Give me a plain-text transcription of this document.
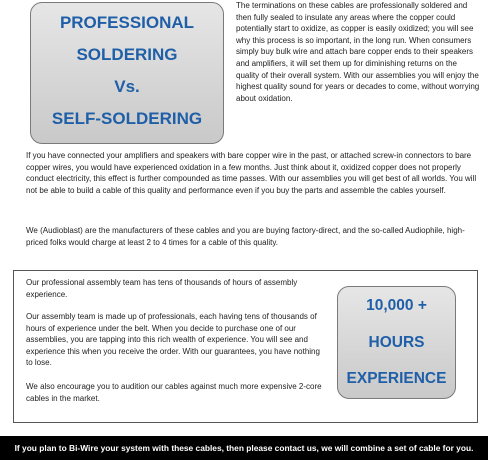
PROFESSIONAL
SOLDERING
Vs.
SELF-SOLDERING

The terminations on these cables are professionally soldered and then fully sealed to insulate any areas where the copper could potentially start to oxidize, as copper is easily oxidized; you will see why this process is so important, in the long run. When consumers simply buy bulk wire and attach bare copper ends to their speakers and amplifiers, it will set them up for diminishing returns on the quality of their overall system. With our assemblies you will enjoy the highest quality sound for years or decades to come, without worrying about oxidation.

If you have connected your amplifiers and speakers with bare copper wire in the past, or attached screw-in connectors to bare copper wires, you would have experienced oxidation in a few months. Just think about it, oxidized copper does not properly conduct electricity, this effect is further compounded as time passes. With our assemblies you will get best of all worlds. You will not be able to build a cable of this quality and performance even if you buy the parts and assemble the cables yourself.

We (Audioblast) are the manufacturers of these cables and you are buying factory-direct, and the so-called Audiophile, high-priced folks would charge at least 2 to 4 times for a cable of this quality.

Our professional assembly team has tens of thousands of hours of assembly experience.

Our assembly team is made up of professionals, each having tens of thousands of hours of experience under the belt. When you decide to purchase one of our assemblies, you are tapping into this rich wealth of experience. You will see and experience this when you receive the order. With our guarantees, you have nothing to lose.

We also encourage you to audition our cables against much more expensive 2-core cables in the market.

10,000 +
HOURS
EXPERIENCE
If you plan to Bi-Wire your system with these cables, then please contact us, we will combine a set of cable for you.
